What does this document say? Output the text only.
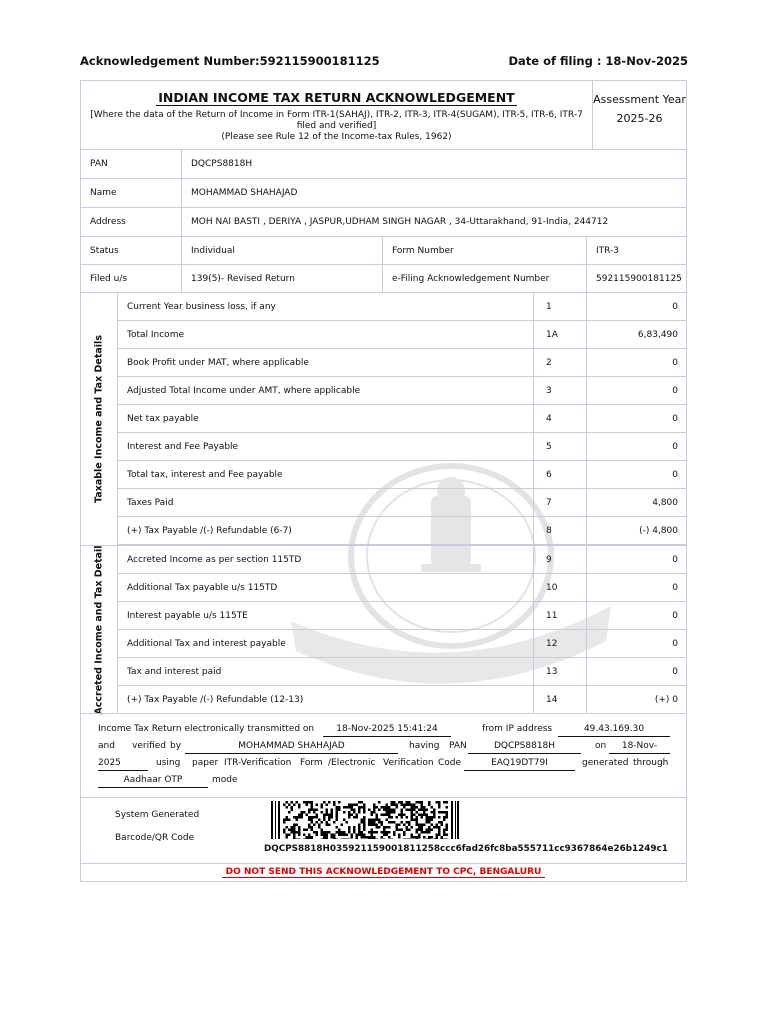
Acknowledgement Number:592115900181125	Date of filing : 18-Nov-2025
INDIAN INCOME TAX RETURN ACKNOWLEDGEMENT
[Where the data of the Return of Income in Form ITR-1(SAHAJ), ITR-2, ITR-3, ITR-4(SUGAM), ITR-5, ITR-6, ITR-7 filed and verified]
(Please see Rule 12 of the Income-tax Rules, 1962)
Assessment Year
2025-26
PAN	DQCPS8818H
Name	MOHAMMAD SHAHAJAD
Address	MOH NAI BASTI , DERIYA , JASPUR,UDHAM SINGH NAGAR , 34-Uttarakhand, 91-India, 244712
Status	Individual	Form Number	ITR-3
Filed u/s	139(5)- Revised Return	e-Filing Acknowledgement Number	592115900181125
Taxable Income and Tax Details
Current Year business loss, if any	1	0
Total Income	1A	6,83,490
Book Profit under MAT, where applicable	2	0
Adjusted Total Income under AMT, where applicable	3	0
Net tax payable	4	0
Interest and Fee Payable	5	0
Total tax, interest and Fee payable	6	0
Taxes Paid	7	4,800
(+) Tax Payable /(-) Refundable (6-7)	8	(-) 4,800
Accreted Income and Tax Detail	Accreted Income as per section 115TD	9	0
Additional Tax payable u/s 115TD	10	0
Interest payable u/s 115TE	11	0
Additional Tax and interest payable	12	0
Tax and interest paid	13	0
(+) Tax Payable /(-) Refundable (12-13)	14	(+) 0
Income Tax Return electronically transmitted on	18-Nov-2025 15:41:24	from IP address	49.43.169.30
and verified by	MOHAMMAD SHAHAJAD	having PAN	DQCPS8818H	on	18-Nov-
2025	using paper ITR-Verification Form /Electronic Verification Code	EAQ19DT79I	generated through
Aadhaar OTP	mode
System Generated
Barcode/QR Code
DQCPS8818H035921159001811258ccc6fad26fc8ba555711cc9367864e26b1249c1
DO NOT SEND THIS ACKNOWLEDGEMENT TO CPC, BENGALURU
